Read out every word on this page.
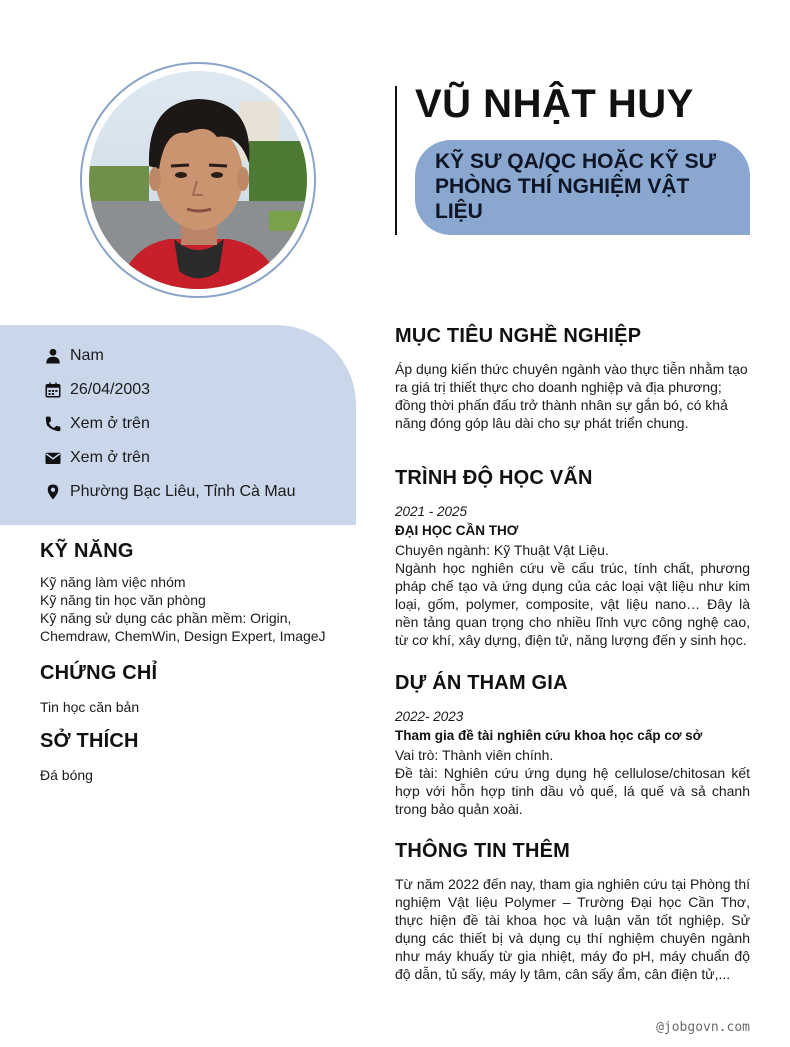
VŨ NHẬT HUY

KỸ SƯ QA/QC HOẶC KỸ SƯ PHÒNG THÍ NGHIỆM VẬT LIỆU

Nam
26/04/2003
Xem ở trên
Xem ở trên
Phường Bạc Liêu, Tỉnh Cà Mau
KỸ NĂNG

Kỹ năng làm việc nhóm

Kỹ năng tin học văn phòng

Kỹ năng sử dụng các phần mềm: Origin, Chemdraw, ChemWin, Design Expert, ImageJ

CHỨNG CHỈ

Tin học căn bản

SỞ THÍCH

Đá bóng

MỤC TIÊU NGHỀ NGHIỆP

Áp dụng kiến thức chuyên ngành vào thực tiễn nhằm tạo ra giá trị thiết thực cho doanh nghiệp và địa phương; đồng thời phấn đấu trở thành nhân sự gắn bó, có khả năng đóng góp lâu dài cho sự phát triển chung.

TRÌNH ĐỘ HỌC VẤN

2021 - 2025

ĐẠI HỌC CẦN THƠ

Chuyên ngành: Kỹ Thuật Vật Liệu.

Ngành học nghiên cứu về cấu trúc, tính chất, phương pháp chế tạo và ứng dụng của các loại vật liệu như kim loại, gốm, polymer, composite, vật liệu nano… Đây là nền tảng quan trọng cho nhiều lĩnh vực công nghệ cao, từ cơ khí, xây dựng, điện tử, năng lượng đến y sinh học.

DỰ ÁN THAM GIA

2022- 2023

Tham gia đề tài nghiên cứu khoa học cấp cơ sở

Vai trò: Thành viên chính.

Đề tài: Nghiên cứu ứng dụng hệ cellulose/chitosan kết hợp với hỗn hợp tinh dầu vỏ quế, lá quế và sả chanh trong bảo quản xoài.

THÔNG TIN THÊM

Từ năm 2022 đến nay, tham gia nghiên cứu tại Phòng thí nghiệm Vật liệu Polymer – Trường Đại học Cần Thơ, thực hiện đề tài khoa học và luận văn tốt nghiệp. Sử dụng các thiết bị và dụng cụ thí nghiệm chuyên ngành như máy khuấy từ gia nhiệt, máy đo pH, máy chuẩn độ độ dẫn, tủ sấy, máy ly tâm, cân sấy ẩm, cân điện tử,...

@jobgovn.com
